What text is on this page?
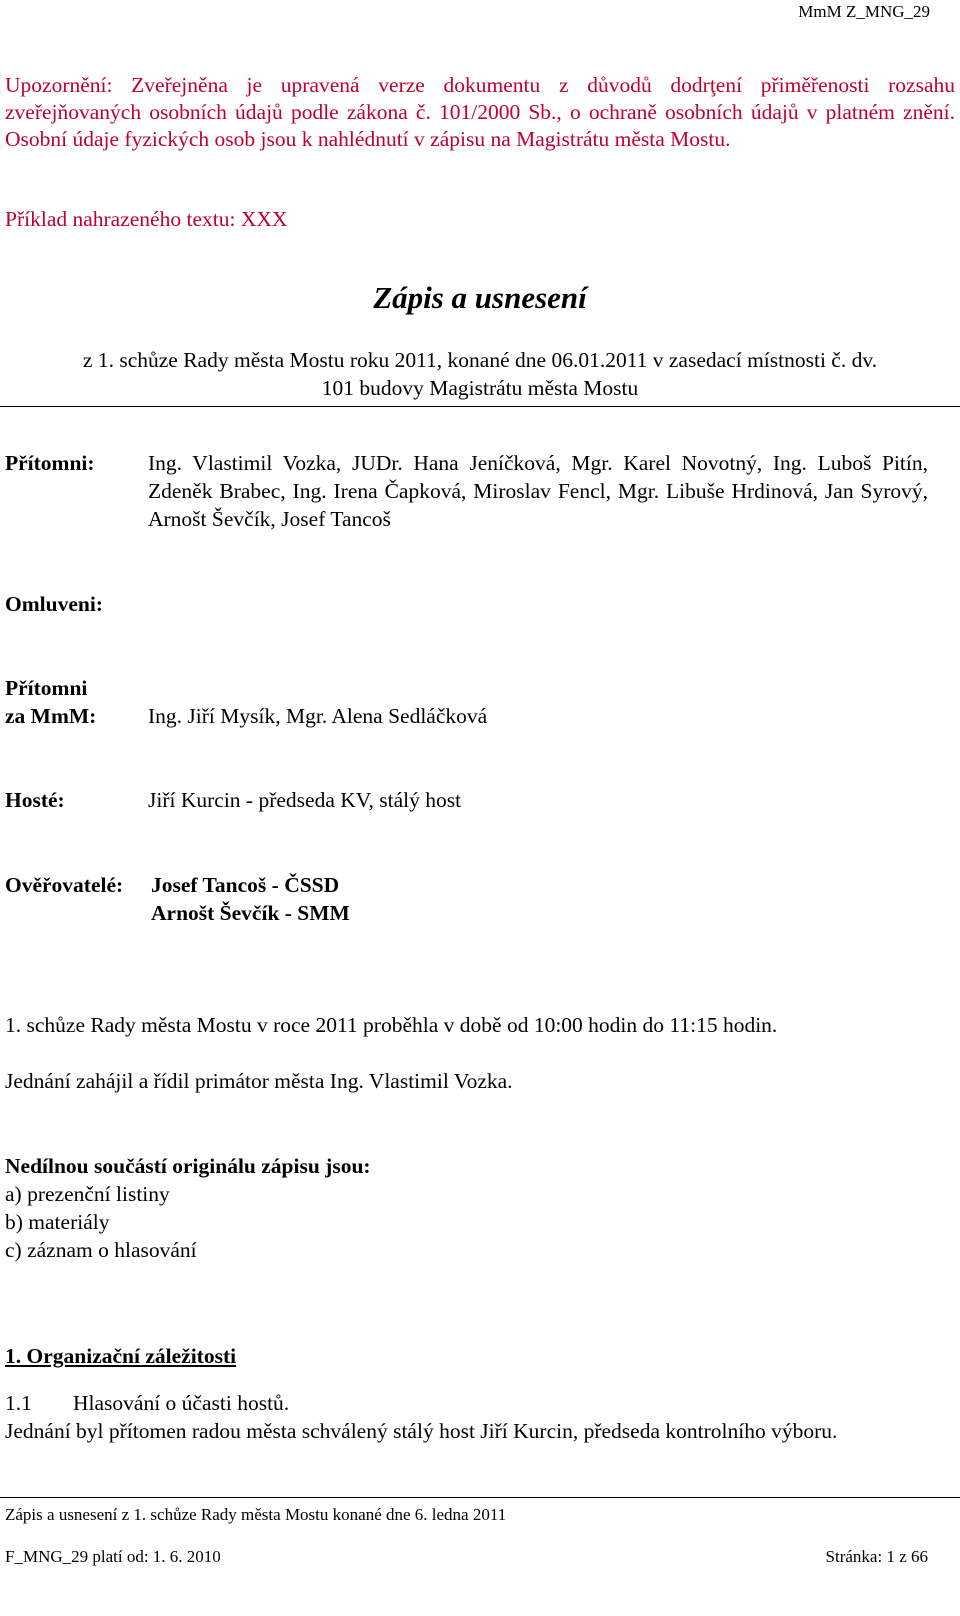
MmM Z_MNG_29
Upozornění: Zveřejněna je upravená verze dokumentu z důvodů dodrţení přiměřenosti rozsahu zveřejňovaných osobních údajů podle zákona č. 101/2000 Sb., o ochraně osobních údajů v platném znění. Osobní údaje fyzických osob jsou k nahlédnutí v zápisu na Magistrátu města Mostu.
Příklad nahrazeného textu: XXX
Zápis a usnesení
z 1. schůze Rady města Mostu roku 2011, konané dne 06.01.2011 v zasedací místnosti č. dv.
101 budovy Magistrátu města Mostu
Přítomni: Ing. Vlastimil Vozka, JUDr. Hana Jeníčková, Mgr. Karel Novotný, Ing. Luboš Pitín, Zdeněk Brabec, Ing. Irena Čapková, Miroslav Fencl, Mgr. Libuše Hrdinová, Jan Syrový, Arnošt Ševčík, Josef Tancoš
Omluveni:
Přítomni
za MmM: Ing. Jiří Mysík, Mgr. Alena Sedláčková
Hosté:	Jiří Kurcin - předseda KV, stálý host
Ověřovatelé: Josef Tancoš - ČSSD
Arnošt Ševčík - SMM
1. schůze Rady města Mostu v roce 2011 proběhla v době od 10:00 hodin do 11:15 hodin.
Jednání zahájil a řídil primátor města Ing. Vlastimil Vozka.
Nedílnou součástí originálu zápisu jsou:
a) prezenční listiny
b) materiály
c) záznam o hlasování
1. Organizační záležitosti
1.1 Hlasování o účasti hostů.
Jednání byl přítomen radou města schválený stálý host Jiří Kurcin, předseda kontrolního výboru.
Zápis a usnesení z 1. schůze Rady města Mostu konané dne 6. ledna 2011
F_MNG_29 platí od: 1. 6. 2010	Stránka: 1 z 66
